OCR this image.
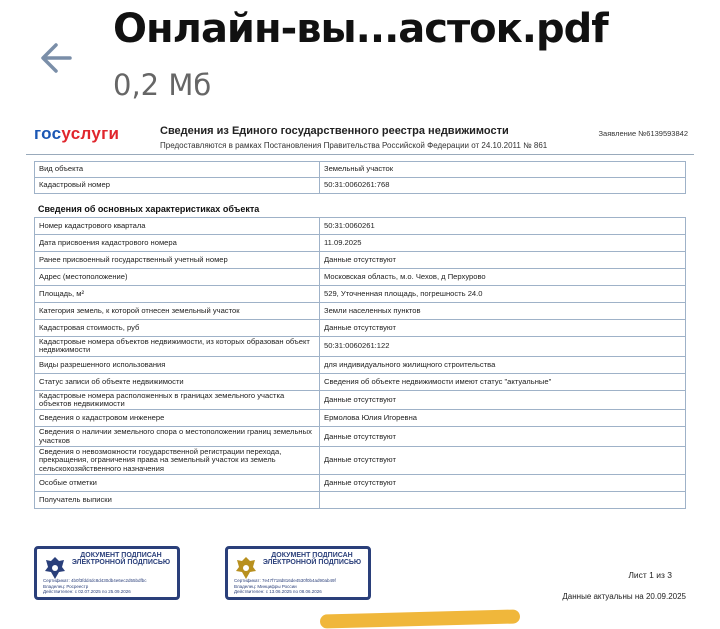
Онлайн-вы...асток.pdf
0,2 Мб
госуслуги	Сведения из Единого государственного реестра недвижимости
Предоставляются в рамках Постановления Правительства Российской Федерации от 24.10.2011 № 861
Заявление №6139593842
Вид объекта	Земельный участок
Кадастровый номер	50:31:0060261:768
Сведения об основных характеристиках объекта
Номер кадастрового квартала	50:31:0060261
Дата присвоения кадастрового номера	11.09.2025
Ранее присвоенный государственный учетный номер	Данные отсутствуют
Адрес (местоположение)	Московская область, м.о. Чехов, д Перхурово
Площадь, м²	529, Уточненная площадь, погрешность 24.0
Категория земель, к которой отнесен земельный участок	Земли населенных пунктов
Кадастровая стоимость, руб	Данные отсутствуют
Кадастровые номера объектов недвижимости, из которых образован объект недвижимости	50:31:0060261:122
Виды разрешенного использования	для индивидуального жилищного строительства
Статус записи об объекте недвижимости	Сведения об объекте недвижимости имеют статус "актуальные"
Кадастровые номера расположенных в границах земельного участка объектов недвижимости	Данные отсутствуют
Сведения о кадастровом инженере	Ермолова Юлия Игоревна
Сведения о наличии земельного спора о местоположении границ земельных участков	Данные отсутствуют
Сведения о невозможности государственной регистрации перехода, прекращения, ограничения права на земельный участок из земель сельскохозяйственного назначения	Данные отсутствуют
Особые отметки	Данные отсутствуют
Получатель выписки	
ДОКУМЕНТ ПОДПИСАН ЭЛЕКТРОННОЙ ПОДПИСЬЮ
Сертификат: 4b0f3fdd4dc8d430db4e6ec2d55bdfbc
Владелец: Росреестр
Действителен: с 02.07.2025 по 25.09.2026
ДОКУМЕНТ ПОДПИСАН ЭЛЕКТРОННОЙ ПОДПИСЬЮ
Сертификат: 7e47f718d816de4530f0b4ad90ab49f
Владелец: Минцифры России
Действителен: с 13.06.2025 по 08.06.2026
Лист 1 из 3
Данные актуальны на 20.09.2025
